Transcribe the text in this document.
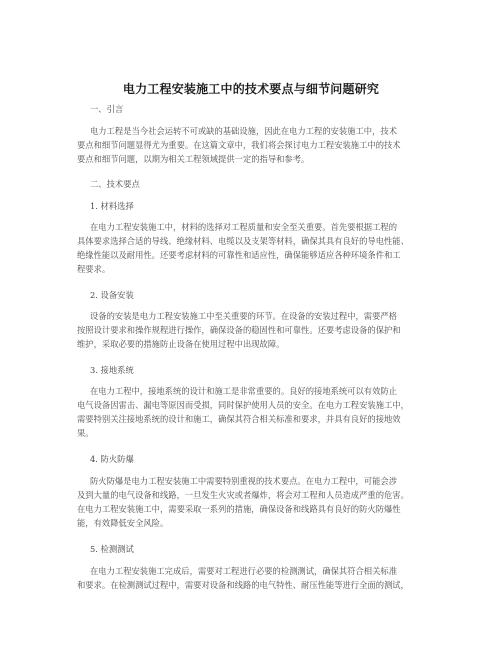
电力工程安装施工中的技术要点与细节问题研究
一、引言
电力工程是当今社会运转不可或缺的基础设施，因此在电力工程的安装施工中，技术
要点和细节问题显得尤为重要。在这篇文章中，我们将会探讨电力工程安装施工中的技术
要点和细节问题，以期为相关工程领域提供一定的指导和参考。
二、技术要点
1. 材料选择
在电力工程安装施工中，材料的选择对工程质量和安全至关重要。首先要根据工程的
具体要求选择合适的导线、绝缘材料、电缆以及支架等材料，确保其具有良好的导电性能、
绝缘性能以及耐用性。还要考虑材料的可靠性和适应性，确保能够适应各种环境条件和工
程要求。
2. 设备安装
设备的安装是电力工程安装施工中至关重要的环节。在设备的安装过程中，需要严格
按照设计要求和操作规程进行操作，确保设备的稳固性和可靠性。还要考虑设备的保护和
维护，采取必要的措施防止设备在使用过程中出现故障。
3. 接地系统
在电力工程中，接地系统的设计和施工是非常重要的。良好的接地系统可以有效防止
电气设备因雷击、漏电等原因而受损，同时保护使用人员的安全。在电力工程安装施工中，
需要特别关注接地系统的设计和施工，确保其符合相关标准和要求，并具有良好的接地效
果。
4. 防火防爆
防火防爆是电力工程安装施工中需要特别重视的技术要点。在电力工程中，可能会涉
及到大量的电气设备和线路，一旦发生火灾或者爆炸，将会对工程和人员造成严重的危害。
在电力工程安装施工中，需要采取一系列的措施，确保设备和线路具有良好的防火防爆性
能，有效降低安全风险。
5. 检测测试
在电力工程安装施工完成后，需要对工程进行必要的检测测试，确保其符合相关标准
和要求。在检测测试过程中，需要对设备和线路的电气特性、耐压性能等进行全面的测试，
